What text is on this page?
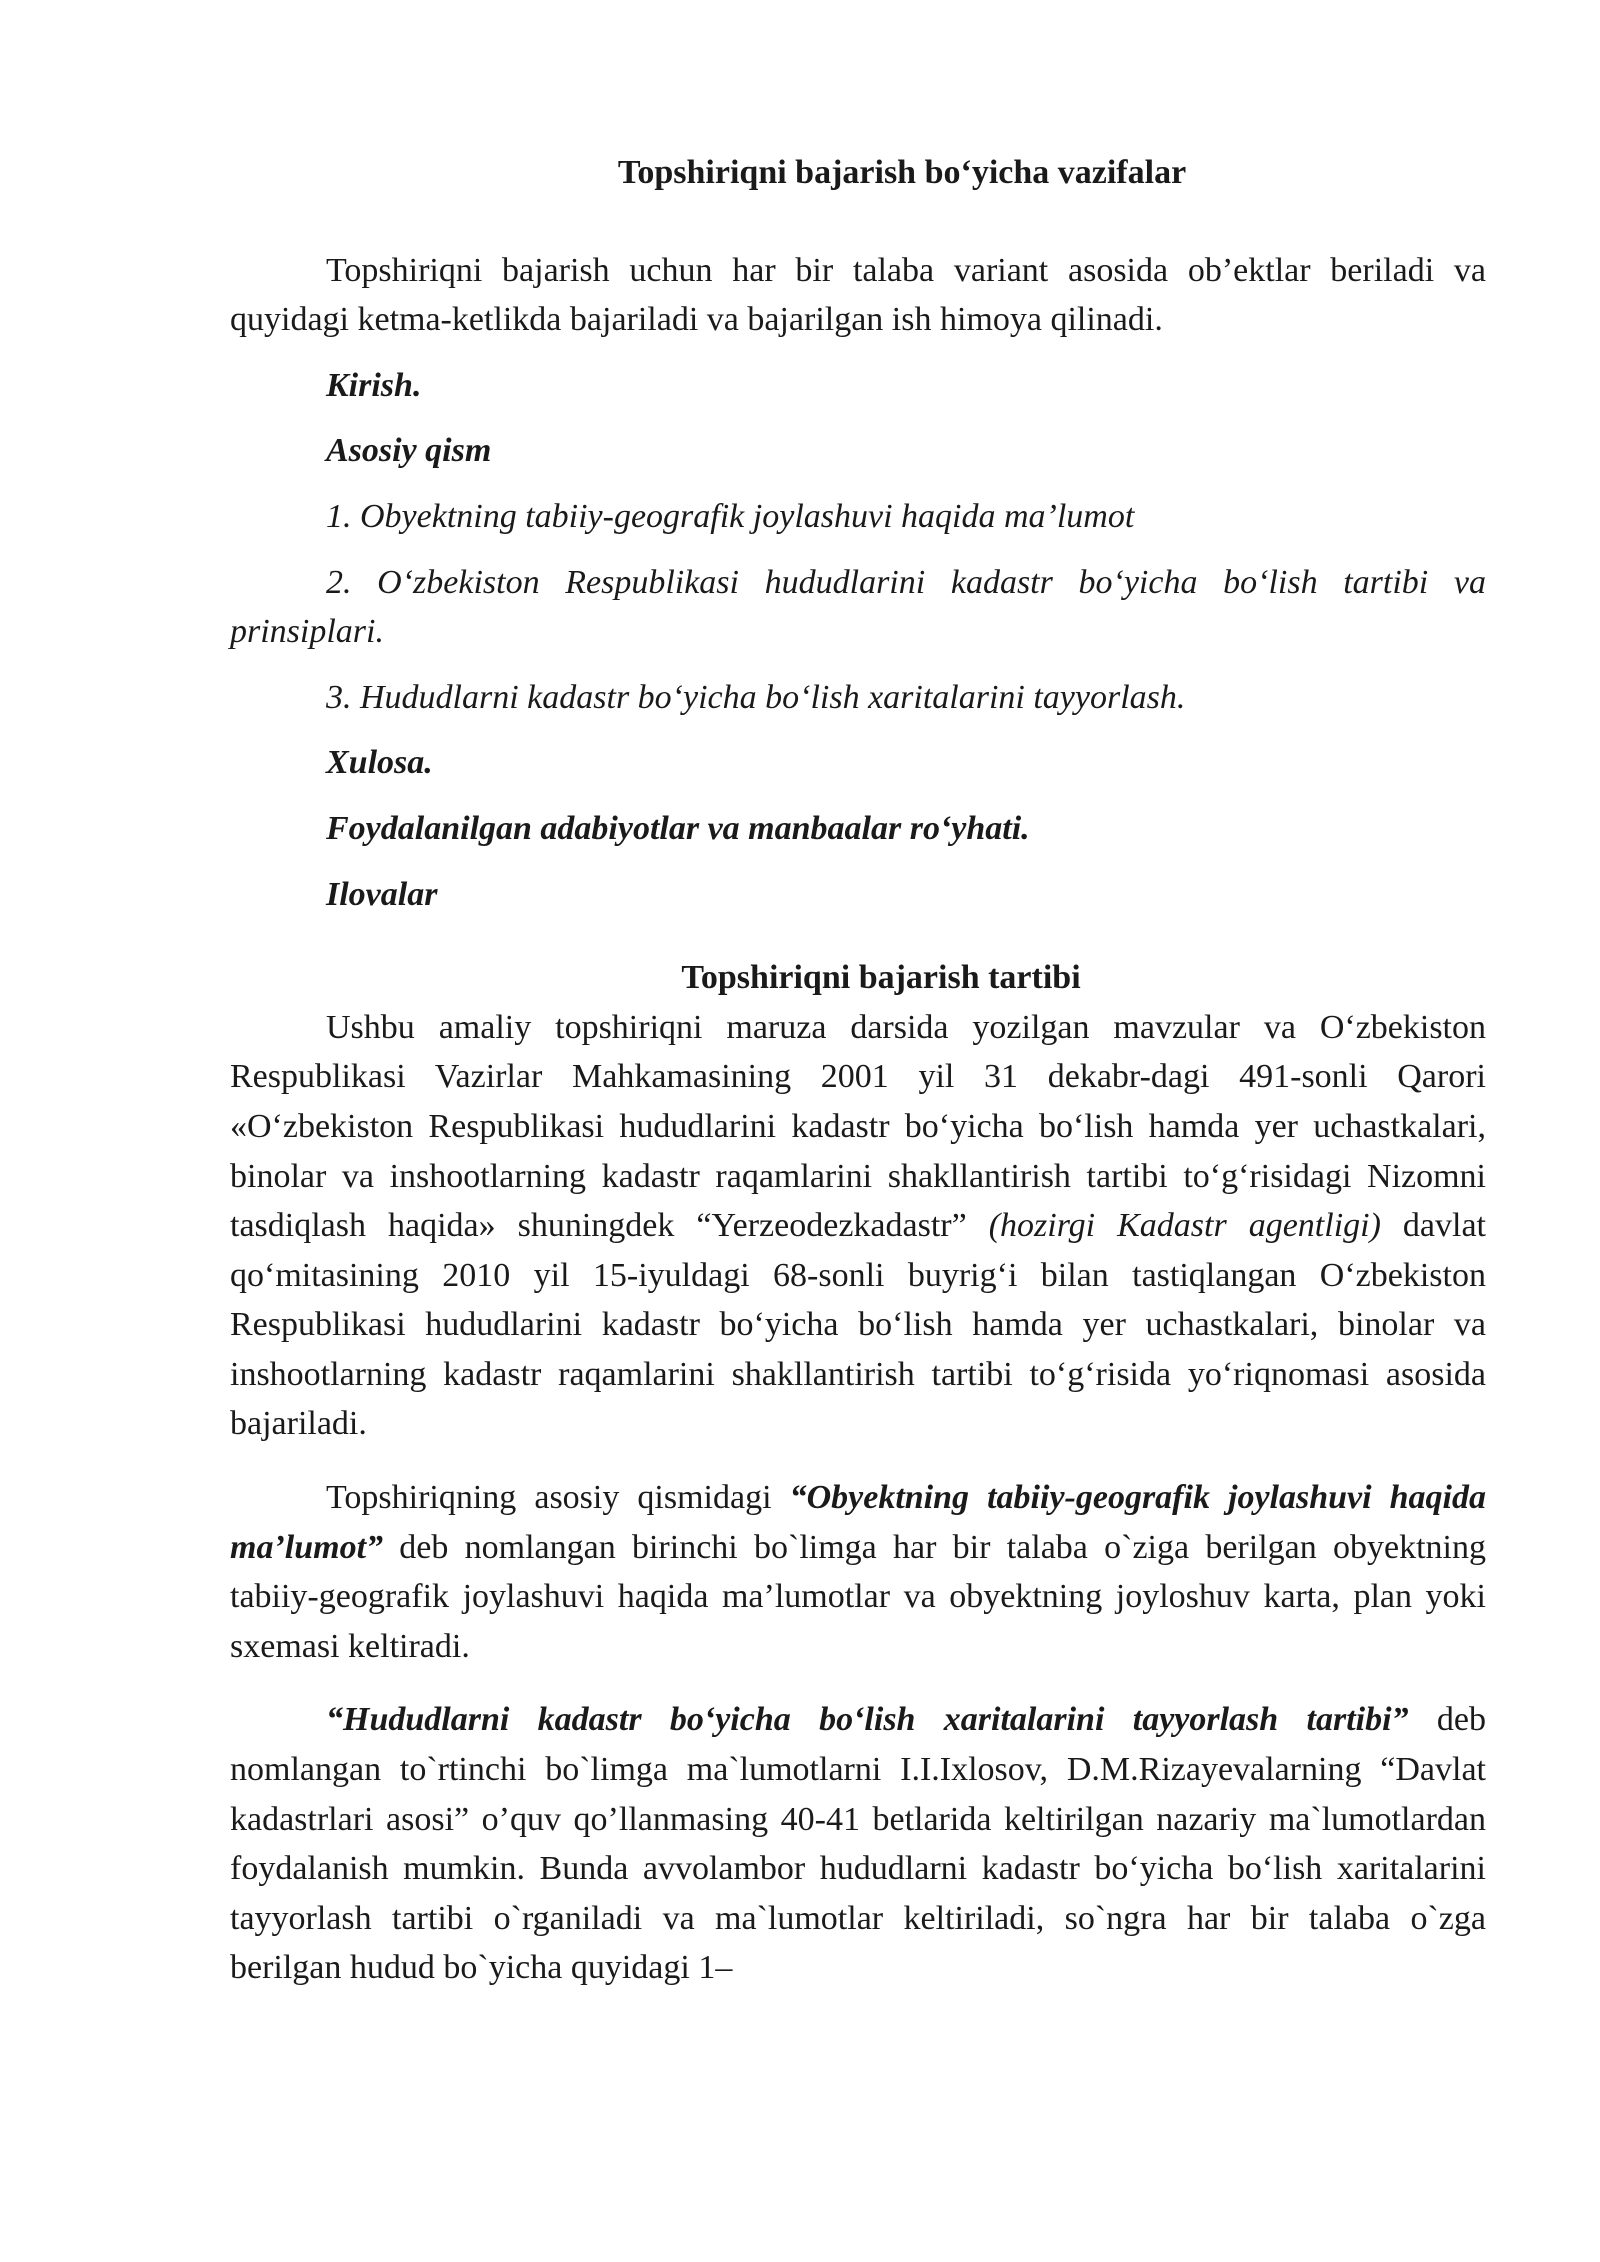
Topshiriqni bajarish bo‘yicha vazifalar

Topshiriqni bajarish uchun har bir talaba variant asosida ob’ektlar beriladi va quyidagi ketma-ketlikda bajariladi va bajarilgan ish himoya qilinadi.

Kirish.
Asosiy qism
1. Obyektning tabiiy-geografik joylashuvi haqida ma’lumot
2. O‘zbekiston Respublikasi hududlarini kadastr bo‘yicha bo‘lish tartibi va prinsiplari.
3. Hududlarni kadastr bo‘yicha bo‘lish xaritalarini tayyorlash.
Xulosa.
Foydalanilgan adabiyotlar va manbaalar ro‘yhati.
Ilovalar
Topshiriqni bajarish tartibi

Ushbu amaliy topshiriqni maruza darsida yozilgan mavzular va O‘zbekiston Respublikasi Vazirlar Mahkamasining 2001 yil 31 dekabr-dagi 491-sonli Qarori «O‘zbekiston Respublikasi hududlarini kadastr bo‘yicha bo‘lish hamda yer uchastkalari, binolar va inshootlarning kadastr raqamlarini shakllantirish tartibi to‘g‘risidagi Nizomni tasdiqlash haqida» shuningdek “Yerzeodezkadastr” (hozirgi Kadastr agentligi) davlat qo‘mitasining 2010 yil 15-iyuldagi 68-sonli buyrig‘i bilan tastiqlangan O‘zbekiston Respublikasi hududlarini kadastr bo‘yicha bo‘lish hamda yer uchastkalari, binolar va inshootlarning kadastr raqamlarini shakllantirish tartibi to‘g‘risida yo‘riqnomasi asosida bajariladi.

Topshiriqning asosiy qismidagi “Obyektning tabiiy-geografik joylashuvi haqida ma’lumot” deb nomlangan birinchi bo`limga har bir talaba o`ziga berilgan obyektning tabiiy-geografik joylashuvi haqida ma’lumotlar va obyektning joyloshuv karta, plan yoki sxemasi keltiradi.

“Hududlarni kadastr bo‘yicha bo‘lish xaritalarini tayyorlash tartibi” deb nomlangan to`rtinchi bo`limga ma`lumotlarni I.I.Ixlosov, D.M.Rizayevalarning “Davlat kadastrlari asosi” o’quv qo’llanmasing 40-41 betlarida keltirilgan nazariy ma`lumotlardan foydalanish mumkin. Bunda avvolambor hududlarni kadastr bo‘yicha bo‘lish xaritalarini tayyorlash tartibi o`rganiladi va ma`lumotlar keltiriladi, so`ngra har bir talaba o`zga berilgan hudud bo`yicha quyidagi 1–
